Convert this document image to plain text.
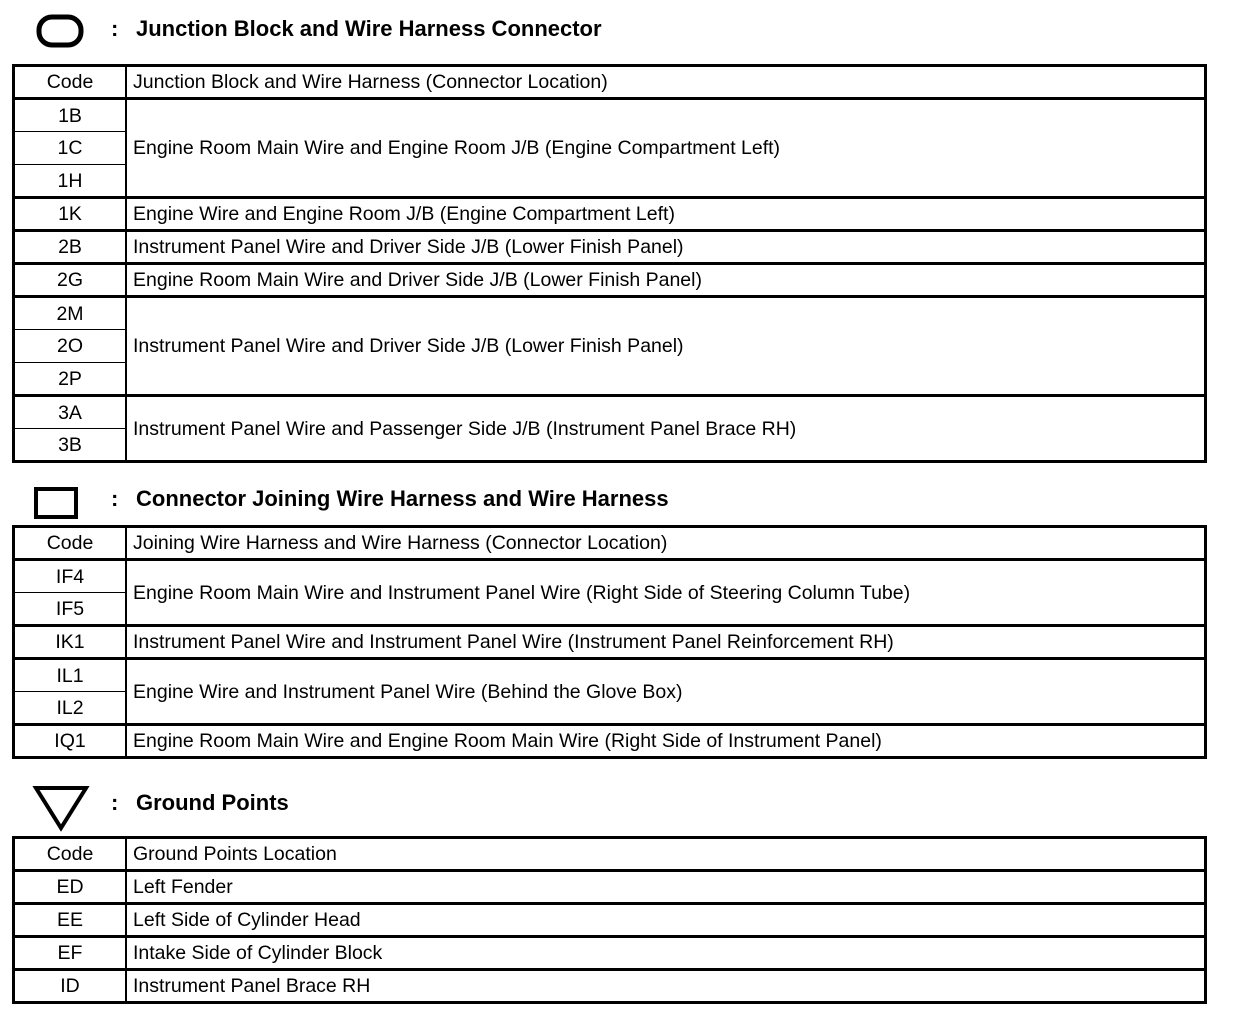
: Junction Block and Wire Harness Connector
Code	Junction Block and Wire Harness (Connector Location)
1B	Engine Room Main Wire and Engine Room J/B (Engine Compartment Left)
1C	
1H	
1K	Engine Wire and Engine Room J/B (Engine Compartment Left)
2B	Instrument Panel Wire and Driver Side J/B (Lower Finish Panel)
2G	Engine Room Main Wire and Driver Side J/B (Lower Finish Panel)
2M	Instrument Panel Wire and Driver Side J/B (Lower Finish Panel)
2O	
2P	
3A	Instrument Panel Wire and Passenger Side J/B (Instrument Panel Brace RH)
3B	
: Connector Joining Wire Harness and Wire Harness
Code	Joining Wire Harness and Wire Harness (Connector Location)
IF4	Engine Room Main Wire and Instrument Panel Wire (Right Side of Steering Column Tube)
IF5	
IK1	Instrument Panel Wire and Instrument Panel Wire (Instrument Panel Reinforcement RH)
IL1	Engine Wire and Instrument Panel Wire (Behind the Glove Box)
IL2	
IQ1	Engine Room Main Wire and Engine Room Main Wire (Right Side of Instrument Panel)
: Ground Points
Code	Ground Points Location
ED	Left Fender
EE	Left Side of Cylinder Head
EF	Intake Side of Cylinder Block
ID	Instrument Panel Brace RH
